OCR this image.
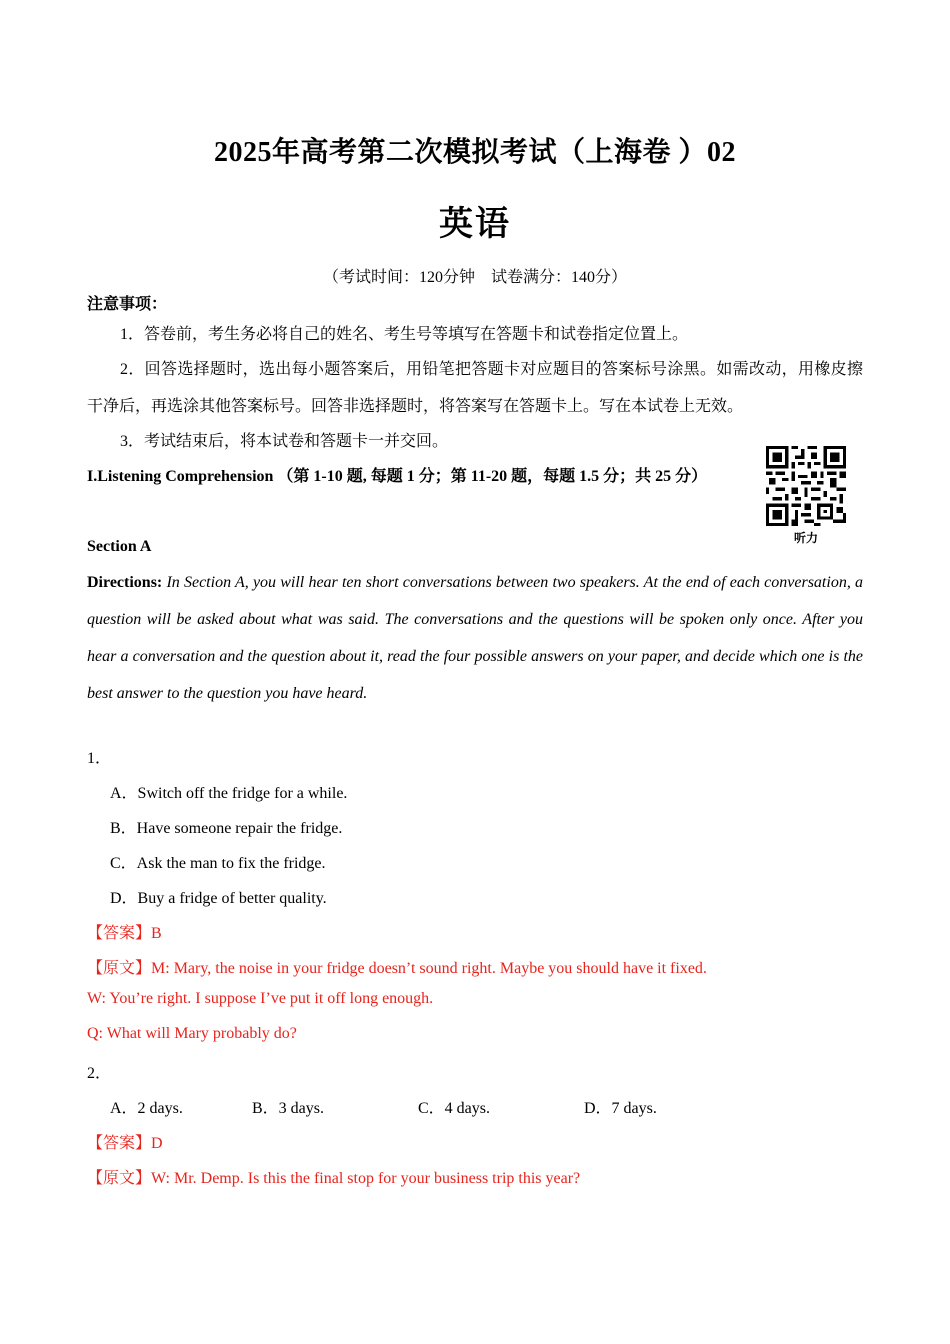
2025年高考第二次模拟考试（上海卷 ）02
英语
（考试时间：120分钟　试卷满分：140分）
注意事项：
1．答卷前，考生务必将自己的姓名、考生号等填写在答题卡和试卷指定位置上。
2．回答选择题时，选出每小题答案后，用铅笔把答题卡对应题目的答案标号涂黑。如需改动，用橡皮擦干净后，再选涂其他答案标号。回答非选择题时，将答案写在答题卡上。写在本试卷上无效。
3．考试结束后，将本试卷和答题卡一并交回。
I.Listening Comprehension （第 1-10 题, 每题 1 分；第 11-20 题，每题 1.5 分；共 25 分）
听力
Section A
Directions: In Section A, you will hear ten short conversations between two speakers. At the end of each conversation, a question will be asked about what was said. The conversations and the questions will be spoken only once. After you hear a conversation and the question about it, read the four possible answers on your paper, and decide which one is the best answer to the question you have heard.
1．
A．Switch off the fridge for a while.
B．Have someone repair the fridge.
C．Ask the man to fix the fridge.
D．Buy a fridge of better quality.
【答案】B
【原文】M: Mary, the noise in your fridge doesn’t sound right. Maybe you should have it fixed.
W: You’re right. I suppose I’ve put it off long enough.
Q: What will Mary probably do?
2．
A．2 days.	B．3 days.	C．4 days.	D．7 days.
【答案】D
【原文】W: Mr. Demp. Is this the final stop for your business trip this year?
